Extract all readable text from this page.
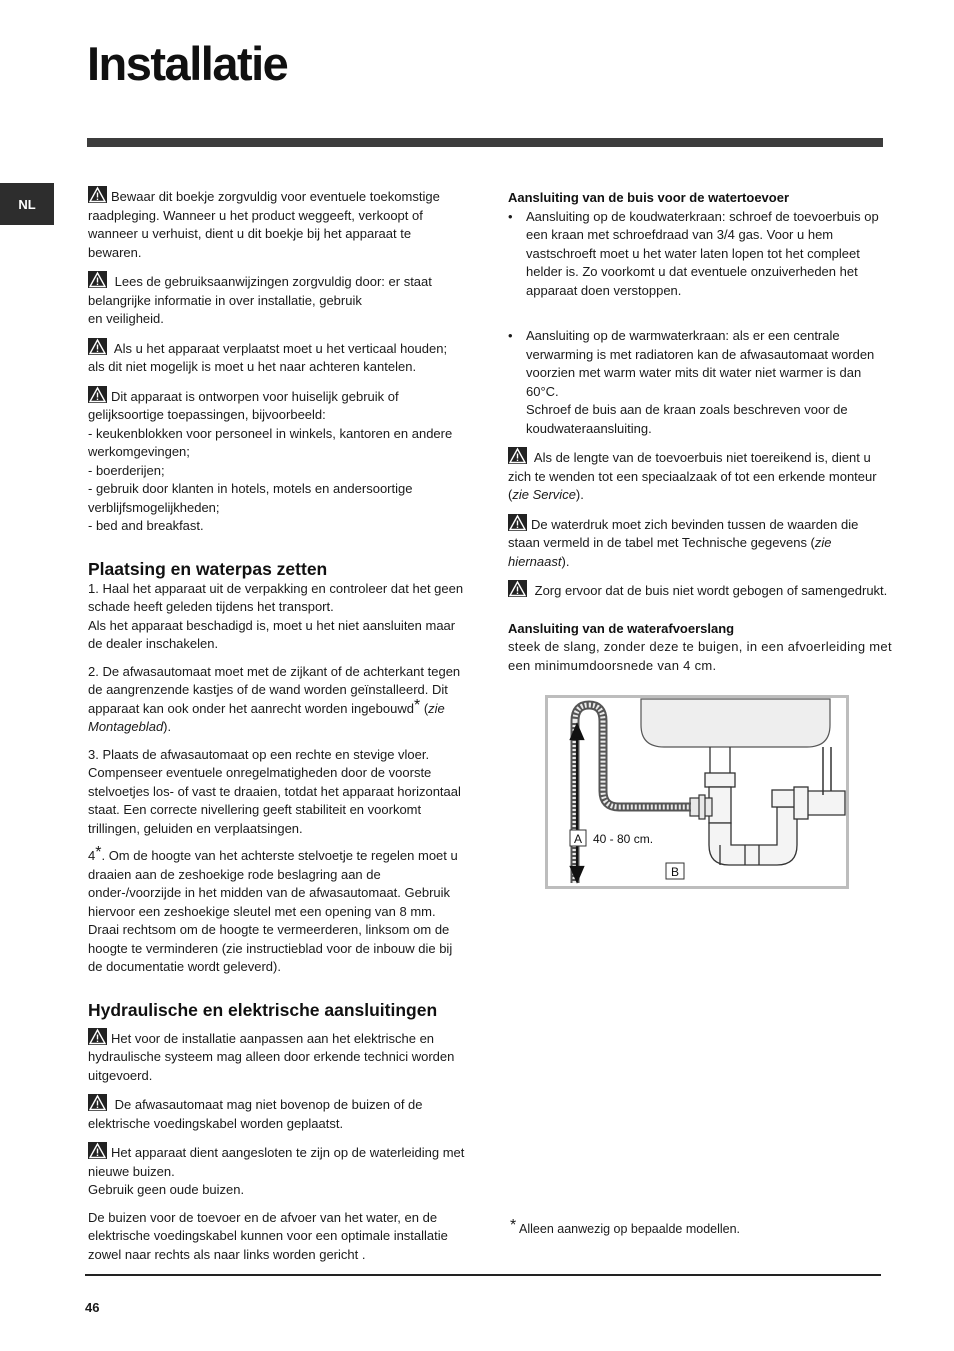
Installatie
NL	Bewaar dit boekje zorgvuldig voor eventuele toekomstige raadpleging. Wanneer u het product weggeeft, verkoopt of wanneer u verhuist, dient u dit boekje bij het apparaat te bewaren.

Lees de gebruiksaanwijzingen zorgvuldig door: er staat belangrijke informatie in over installatie, gebruik
en veiligheid.

Als u het apparaat verplaatst moet u het verticaal houden; als dit niet mogelijk is moet u het naar achteren kantelen.

Dit apparaat is ontworpen voor huiselijk gebruik of gelijksoortige toepassingen, bijvoorbeeld:
- keukenblokken voor personeel in winkels, kantoren en andere werkomgevingen;
- boerderijen;
- gebruik door klanten in hotels, motels en andersoortige verblijfsmogelijkheden;
- bed and breakfast.

Plaatsing en waterpas zetten

1. Haal het apparaat uit de verpakking en controleer dat het geen schade heeft geleden tijdens het transport.
Als het apparaat beschadigd is, moet u het niet aansluiten maar de dealer inschakelen.

2. De afwasautomaat moet met de zijkant of de achterkant tegen de aangrenzende kastjes of de wand worden geïnstalleerd. Dit apparaat kan ook onder het aanrecht worden ingebouwd* (zie Montageblad).

3. Plaats de afwasautomaat op een rechte en stevige vloer. Compenseer eventuele onregelmatigheden door de voorste stelvoetjes los- of vast te draaien, totdat het apparaat horizontaal staat. Een correcte nivellering geeft stabiliteit en voorkomt trillingen, geluiden en verplaatsingen.

4*. Om de hoogte van het achterste stelvoetje te regelen moet u draaien aan de zeshoekige rode beslagring aan de onder-/voorzijde in het midden van de afwasautomaat. Gebruik hiervoor een zeshoekige sleutel met een opening van 8 mm. Draai rechtsom om de hoogte te vermeerderen, linksom om de hoogte te verminderen (zie instructieblad voor de inbouw die bij de documentatie wordt geleverd).

Hydraulische en elektrische aansluitingen

Het voor de installatie aanpassen aan het elektrische en hydraulische systeem mag alleen door erkende technici worden uitgevoerd.

De afwasautomaat mag niet bovenop de buizen of de elektrische voedingskabel worden geplaatst.

Het apparaat dient aangesloten te zijn op de waterleiding met nieuwe buizen.
Gebruik geen oude buizen.

De buizen voor de toevoer en de afvoer van het water, en de elektrische voedingskabel kunnen voor een optimale installatie zowel naar rechts als naar links worden gericht .

Aansluiting van de buis voor de watertoevoer
• Aansluiting op de koudwaterkraan: schroef de toevoerbuis op een kraan met schroefdraad van 3/4 gas. Voor u hem vastschroeft moet u het water laten lopen tot het compleet helder is. Zo voorkomt u dat eventuele onzuiverheden het apparaat doen verstoppen.
• Aansluiting op de warmwaterkraan: als er een centrale verwarming is met radiatoren kan de afwasautomaat worden voorzien met warm water mits dit water niet warmer is dan 60°C.
Schroef de buis aan de kraan zoals beschreven voor de koudwateraansluiting.

Als de lengte van de toevoerbuis niet toereikend is, dient u zich te wenden tot een speciaalzaak of tot een erkende monteur (zie Service).

De waterdruk moet zich bevinden tussen de waarden die staan vermeld in de tabel met Technische gegevens (zie hiernaast).

Zorg ervoor dat de buis niet wordt gebogen of samengedrukt.

Aansluiting van de waterafvoerslang

steek de slang, zonder deze te buigen, in een afvoerleiding met een minimumdoorsnede van 4 cm.

A 40 - 80 cm.
B
* Alleen aanwezig op bepaalde modellen.
46
